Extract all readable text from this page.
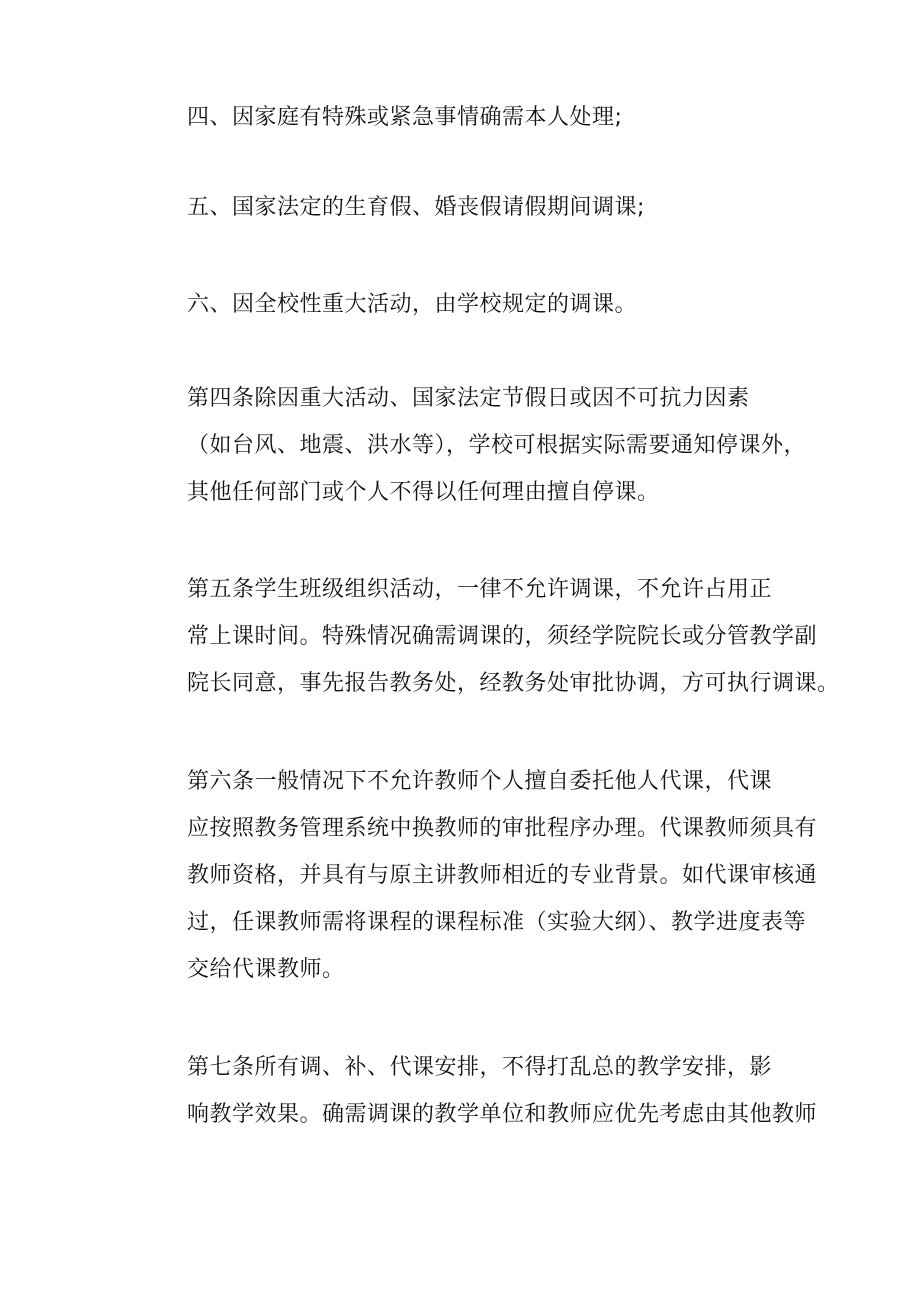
四、因家庭有特殊或紧急事情确需本人处理;
五、国家法定的生育假、婚丧假请假期间调课;
六、因全校性重大活动，由学校规定的调课。
第四条除因重大活动、国家法定节假日或因不可抗力因素
（如台风、地震、洪水等），学校可根据实际需要通知停课外，
其他任何部门或个人不得以任何理由擅自停课。
第五条学生班级组织活动，一律不允许调课，不允许占用正
常上课时间。特殊情况确需调课的，须经学院院长或分管教学副
院长同意，事先报告教务处，经教务处审批协调，方可执行调课。
第六条一般情况下不允许教师个人擅自委托他人代课，代课
应按照教务管理系统中换教师的审批程序办理。代课教师须具有
教师资格，并具有与原主讲教师相近的专业背景。如代课审核通
过，任课教师需将课程的课程标准（实验大纲）、教学进度表等
交给代课教师。
第七条所有调、补、代课安排，不得打乱总的教学安排，影
响教学效果。确需调课的教学单位和教师应优先考虑由其他教师
